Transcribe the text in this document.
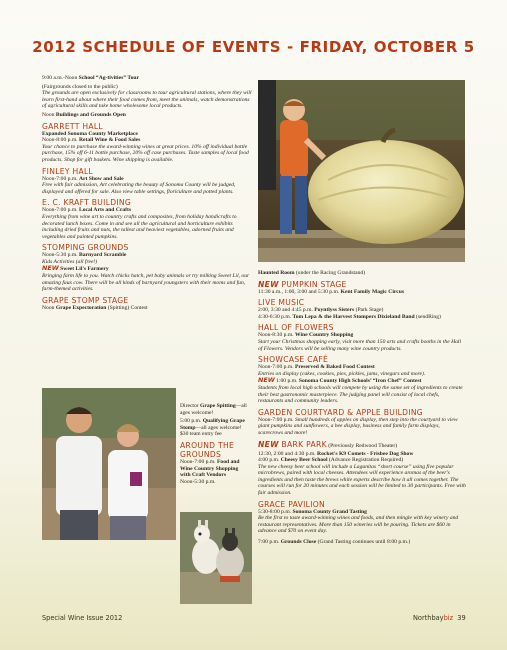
2012 SCHEDULE OF EVENTS - FRIDAY, OCTOBER 5

9:00 a.m.-Noon School “Ag-tivities” Tour

(Fairgrounds closed to the public)

The grounds are open exclusively for classrooms to tour agricultural stations, where they will learn first-hand about where their food comes from, meet the animals, watch demonstrations of agricultural skills and take home wholesome local products.

Noon Buildings and Grounds Open

GARRETT HALL

Expanded Sonoma County Marketplace

Noon-8:00 p.m. Retail Wine & Food Sales

Your chance to purchase the award-winning wines at great prices. 10% off individual bottle purchase, 15% off 6-11 bottle purchase, 20% off case purchases. Taste samples of local food products. Shop for gift baskets. Wine shipping is available.

FINLEY HALL

Noon-7:00 p.m. Art Show and Sale

Free with fair admission, Art celebrating the beauty of Sonoma County will be judged, displayed and offered for sale. Also view table settings, floriculture and potted plants.

E. C. KRAFT BUILDING

Noon-7:00 p.m. Local Arts and Crafts

Everything from wine art to country crafts and composites, from holiday handicrafts to decorated lunch boxes. Come in and see all the agricultural and horticulture exhibits including dried fruits and nuts, the tallest and heaviest vegetables, adorned fruits and vegetables and painted pumpkins.

STOMPING GROUNDS

Noon-5:30 p.m. Barnyard Scramble

Kids Activities (all free!)

NEW Sweet Lil's Farmery

Bringing farm life to you. Watch chicks hatch, pet baby animals or try milking Sweet Lil, our amazing faux cow. There will be all kinds of barnyard youngsters with their moms and fun, farm-themed activities.

GRAPE STOMP STAGE

Noon Grape Expectoration (Spitting) Contest

Director Grape Spitting—all ages welcome!

5:00 p.m. Qualifying Grape Stomp—all ages welcome! $30 team entry fee

AROUND THE GROUNDS

Noon-7:00 p.m. Food and Wine Country Shopping with Craft Vendors

Noon-5:30 p.m.

Haunted Room (under the Racing Grandstand)

NEW PUMPKIN STAGE

11:30 a.m., 1:00, 3:00 and 5:30 p.m. Kent Family Magic Circus

LIVE MUSIC

2:00, 3:30 and 4:45 p.m. Poyntlyss Sisters (Park Stage)

4:30-6:30 p.m. Tom Lepa & the Harvest Stompers Dixieland Band (sendRing)

HALL OF FLOWERS

Noon-8:30 p.m. Wine Country Shopping

Start your Christmas shopping early, visit more than 150 arts and crafts booths in the Hall of Flowers. Vendors will be selling many wine country products.

SHOWCASE CAFÉ

Noon-7:00 p.m. Preserved & Baked Food Contest

Entries on display (cakes, cookies, pies, pickles, jams, vinegars and more).

NEW 1:00 p.m. Sonoma County High Schools’ “Iron Chef” Contest

Students from local high schools will compete by using the same set of ingredients to create their best gastronomic masterpiece. The judging panel will consist of local chefs, restaurants and community leaders.

GARDEN COURTYARD & APPLE BUILDING

Noon-7:00 p.m. Small hundreds of apples on display, then step into the courtyard to view giant pumpkins and sunflowers, a bee display, business and family farm displays, scarecrows and more!

NEW BARK PARK (Previously Redwood Theater)

12:30, 2:00 and 4:30 p.m. Rocket's K9 Comets - Frisbee Dog Show

4:00 p.m. Cheesy Beer School (Advance Registration Required)

The new cheesy beer school will include a Lagunitas “short course” using five popular microbrews, paired with local cheeses. Attendees will experience aromas of the beer's ingredients and then taste the brews while experts describe how it all comes together. The courses will run for 20 minutes and each session will be limited to 30 participants. Free with fair admission.

GRACE PAVILION

5:30-8:00 p.m. Sonoma County Grand Tasting

Be the first to taste award-winning wines and foods, and then mingle with key winery and restaurant representatives. More than 150 wineries will be pouring. Tickets are $60 in advance and $70 on event day.

7:00 p.m. Grounds Close (Grand Tasting continues until 8:00 p.m.)

Special Wine Issue 2012	Northbaybiz 39
